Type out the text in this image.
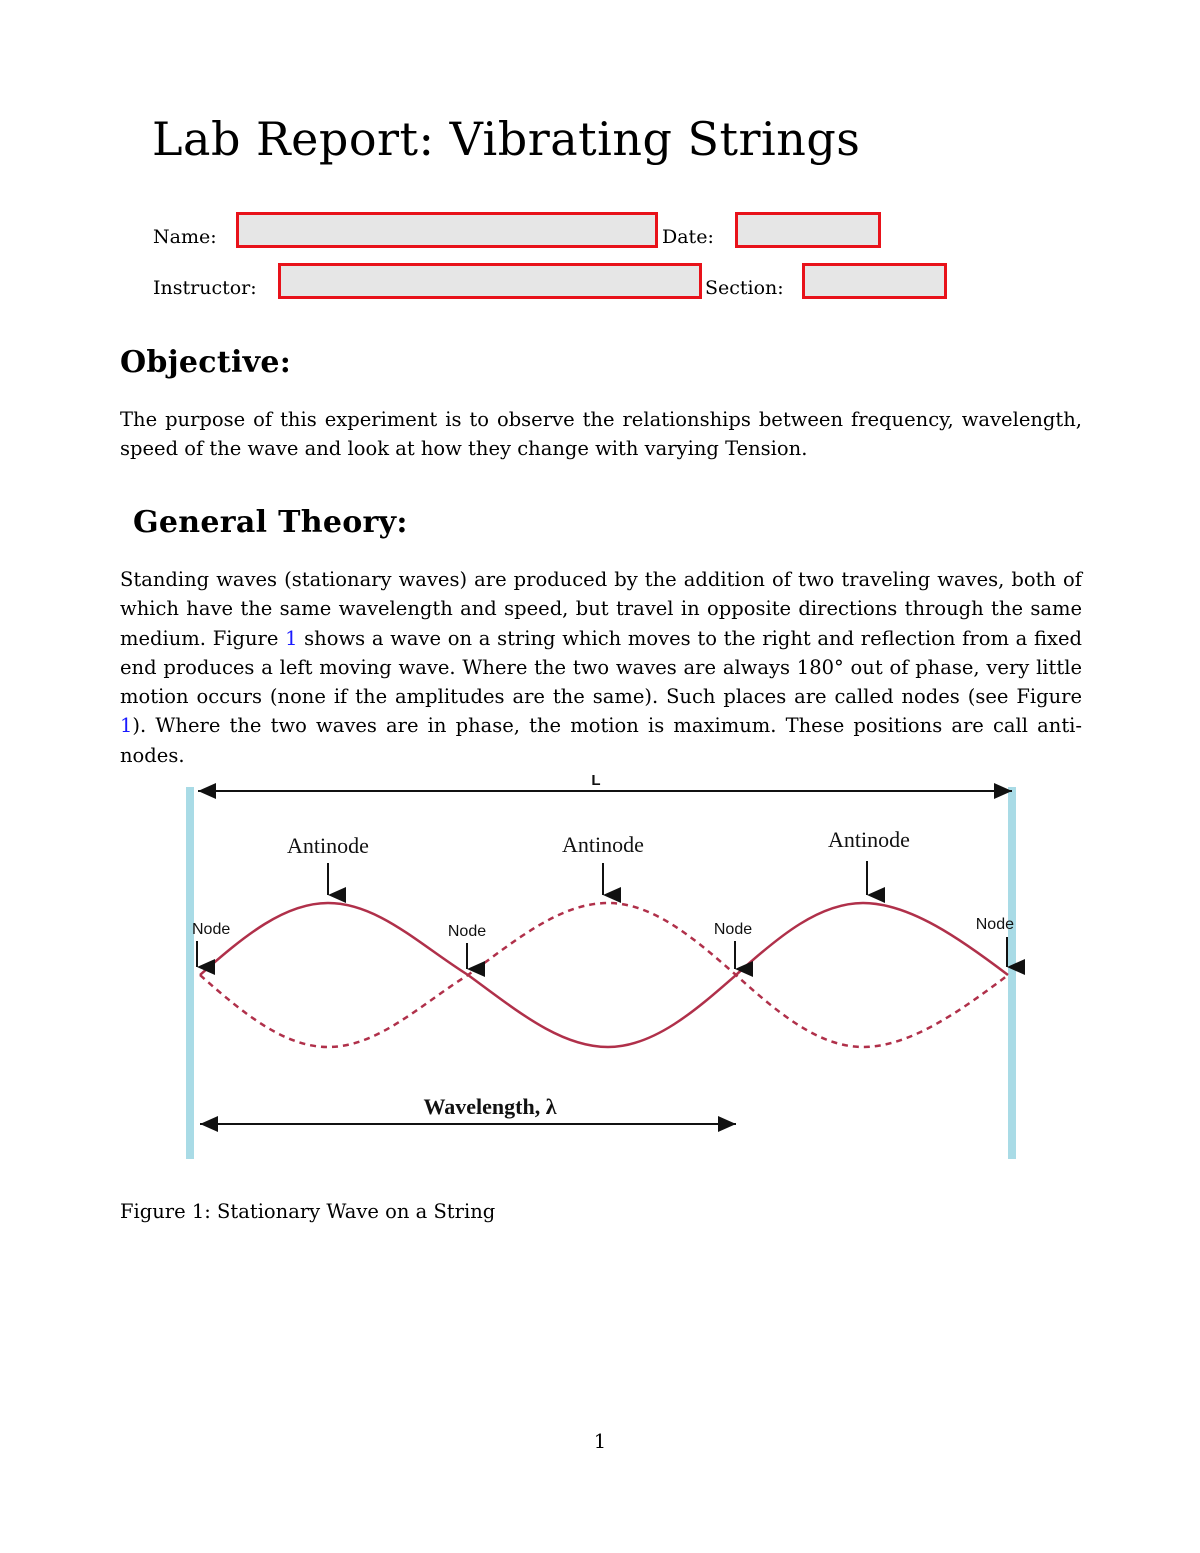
Lab Report: Vibrating Strings
Name:	Date:
Instructor:	Section:
Objective:

The purpose of this experiment is to observe the relationships between frequency, wavelength, speed of the wave and look at how they change with varying Tension.

General Theory:

Standing waves (stationary waves) are produced by the addition of two traveling waves, both of which have the same wavelength and speed, but travel in opposite directions through the same medium. Figure 1 shows a wave on a string which moves to the right and reflection from a fixed end produces a left moving wave. Where the two waves are always 180° out of phase, very little motion occurs (none if the amplitudes are the same). Such places are called nodes (see Figure 1). Where the two waves are in phase, the motion is maximum. These positions are call anti-nodes.

L
Antinode	Antinode	Antinode
Node	Node	Node	Node
Wavelength, λ

Figure 1: Stationary Wave on a String

1
